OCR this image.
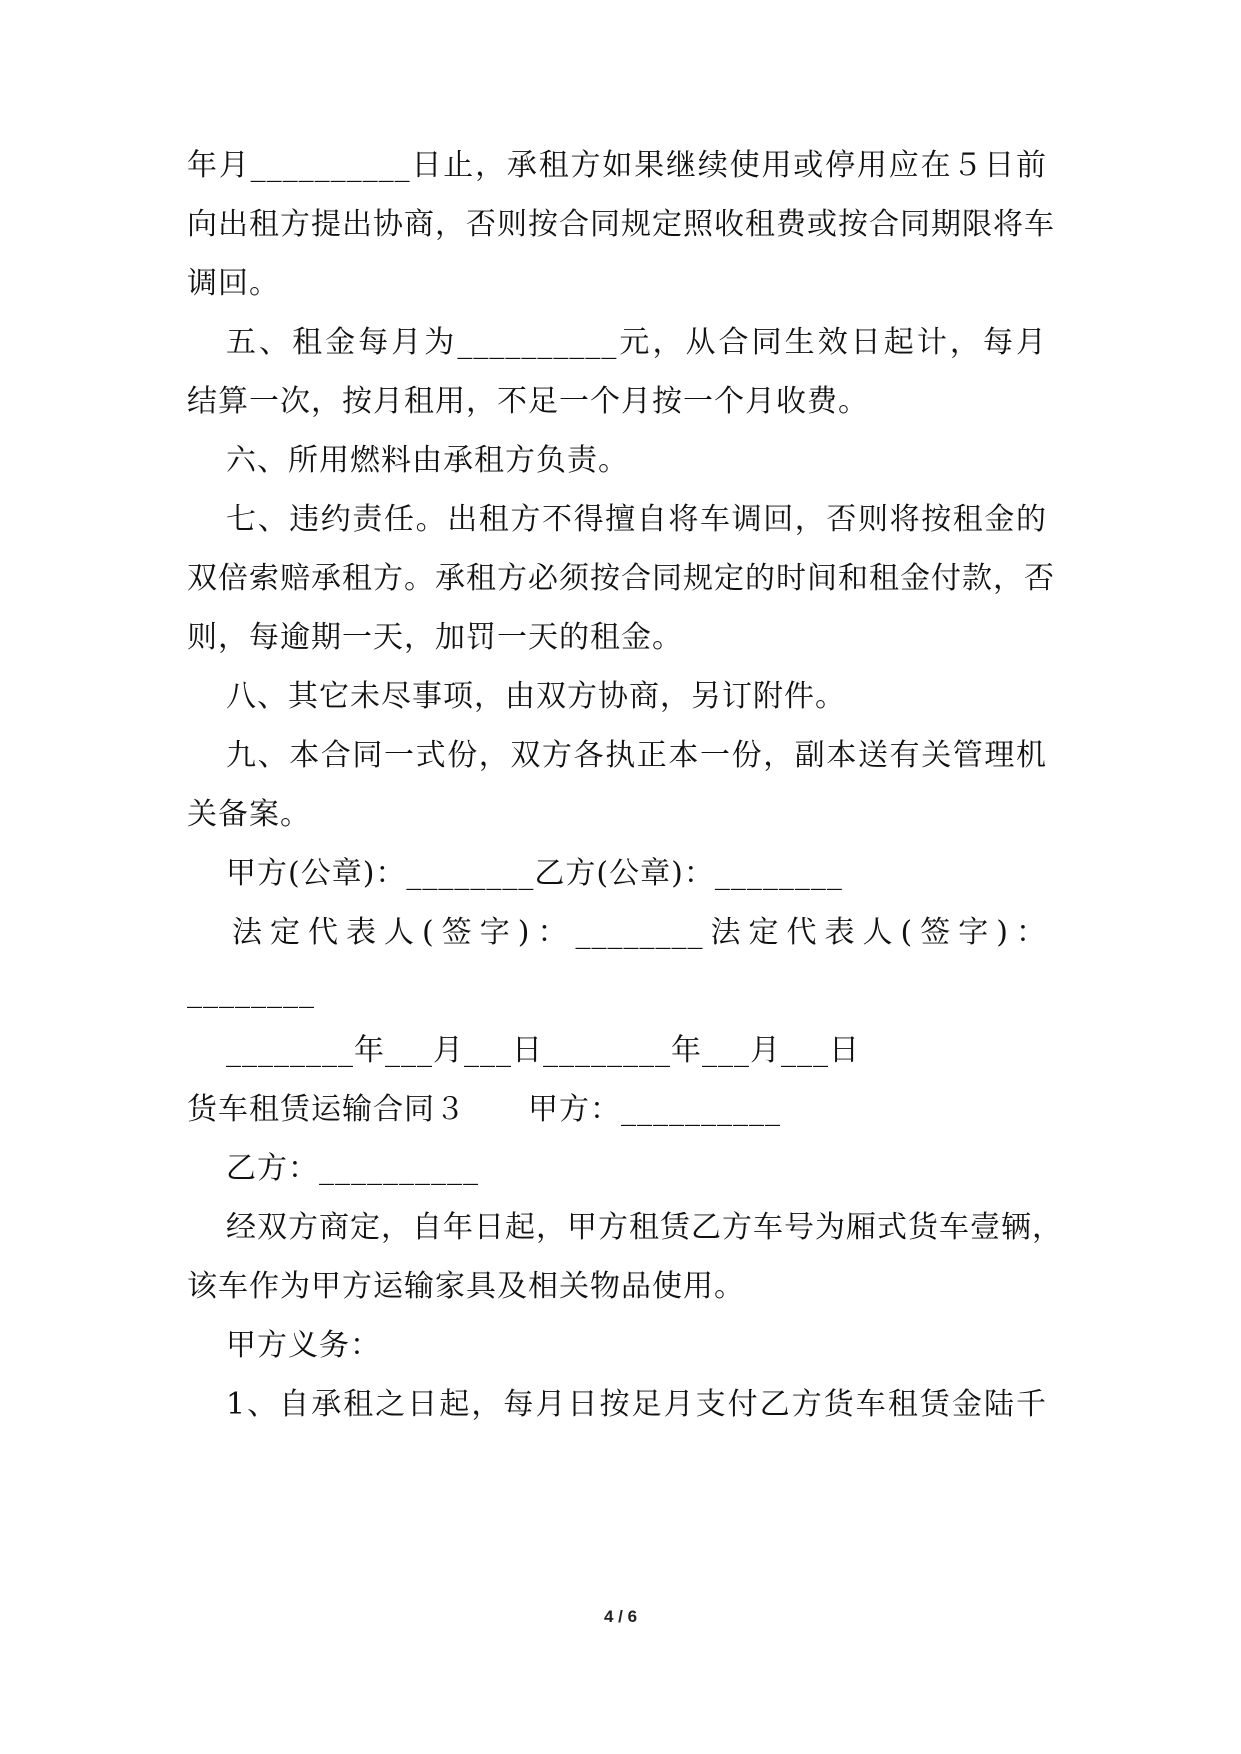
年月__________日止，承租方如果继续使用或停用应在５日前
向出租方提出协商，否则按合同规定照收租费或按合同期限将车
调回。
五、租金每月为__________元，从合同生效日起计，每月
结算一次，按月租用，不足一个月按一个月收费。
六、所用燃料由承租方负责。
七、违约责任。出租方不得擅自将车调回，否则将按租金的
双倍索赔承租方。承租方必须按合同规定的时间和租金付款，否
则，每逾期一天，加罚一天的租金。
八、其它未尽事项，由双方协商，另订附件。
九、本合同一式份，双方各执正本一份，副本送有关管理机
关备案。
甲方(公章)：________乙方(公章)：________
法定代表人(签字)：________法定代表人(签字)：
________
________年___月___日________年___月___日
货车租赁运输合同３　　甲方：__________
乙方：__________
经双方商定，自年日起，甲方租赁乙方车号为厢式货车壹辆，
该车作为甲方运输家具及相关物品使用。
甲方义务：
1、自承租之日起，每月日按足月支付乙方货车租赁金陆千
4 / 6
